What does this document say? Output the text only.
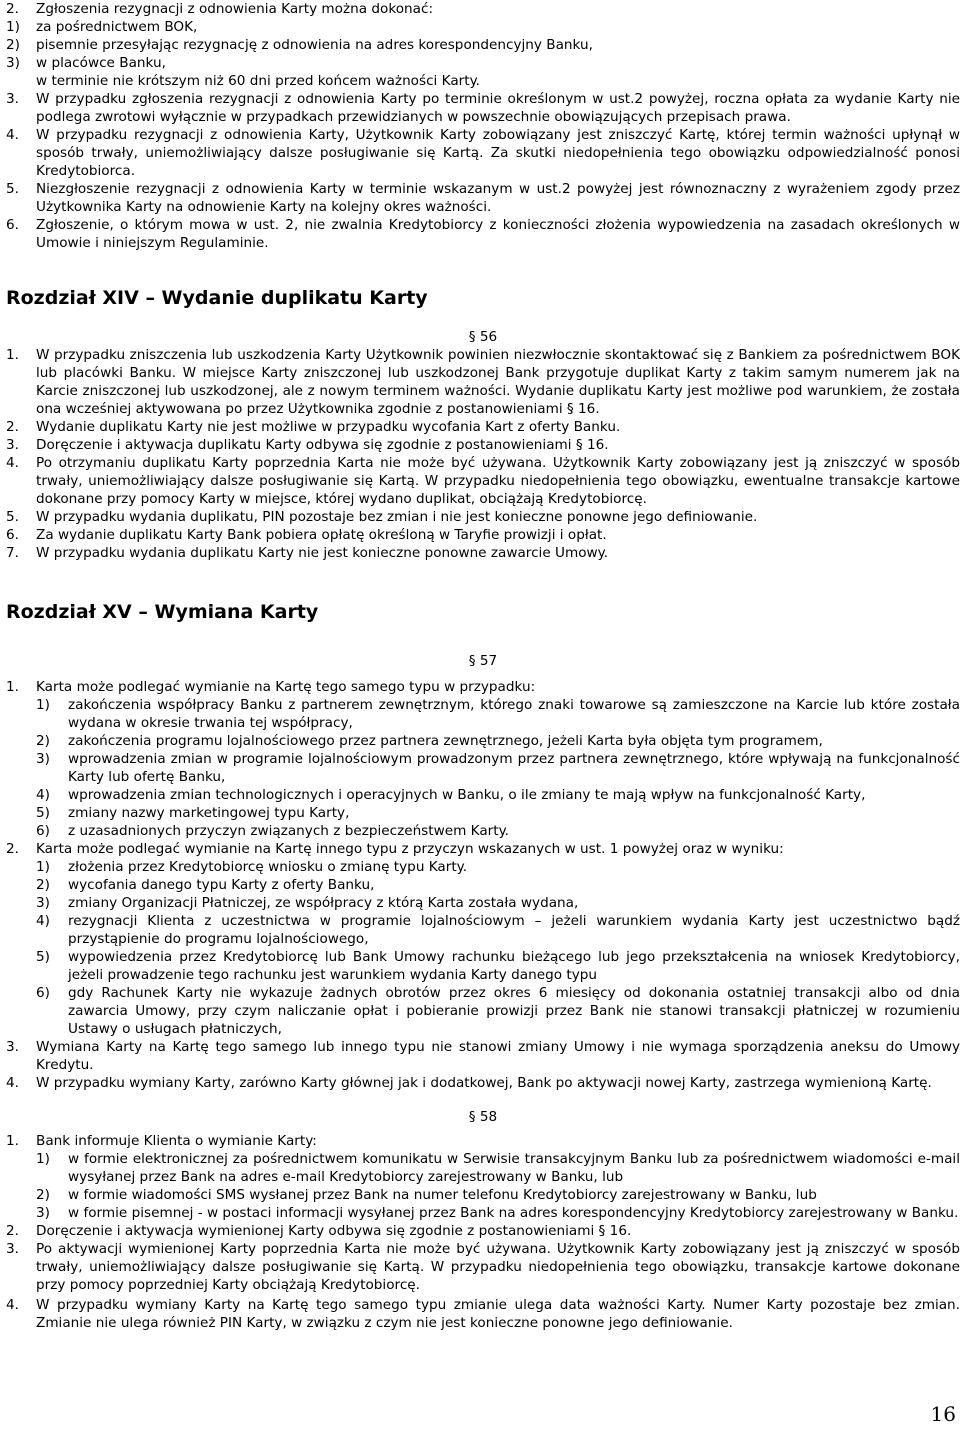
2. Zgłoszenia rezygnacji z odnowienia Karty można dokonać:
1) za pośrednictwem BOK,
2) pisemnie przesyłając rezygnację z odnowienia na adres korespondencyjny Banku,
3) w placówce Banku,
w terminie nie krótszym niż 60 dni przed końcem ważności Karty.
3. W przypadku zgłoszenia rezygnacji z odnowienia Karty po terminie określonym w ust.2 powyżej, roczna opłata za wydanie Karty nie podlega zwrotowi wyłącznie w przypadkach przewidzianych w powszechnie obowiązujących przepisach prawa.
4. W przypadku rezygnacji z odnowienia Karty, Użytkownik Karty zobowiązany jest zniszczyć Kartę, której termin ważności upłynął w sposób trwały, uniemożliwiający dalsze posługiwanie się Kartą. Za skutki niedopełnienia tego obowiązku odpowiedzialność ponosi Kredytobiorca.
5. Niezgłoszenie rezygnacji z odnowienia Karty w terminie wskazanym w ust.2 powyżej jest równoznaczny z wyrażeniem zgody przez Użytkownika Karty na odnowienie Karty na kolejny okres ważności.
6. Zgłoszenie, o którym mowa w ust. 2, nie zwalnia Kredytobiorcy z konieczności złożenia wypowiedzenia na zasadach określonych w Umowie i niniejszym Regulaminie.
Rozdział XIV – Wydanie duplikatu Karty
§ 56
1. W przypadku zniszczenia lub uszkodzenia Karty Użytkownik powinien niezwłocznie skontaktować się z Bankiem za pośrednictwem BOK lub placówki Banku. W miejsce Karty zniszczonej lub uszkodzonej Bank przygotuje duplikat Karty z takim samym numerem jak na Karcie zniszczonej lub uszkodzonej, ale z nowym terminem ważności. Wydanie duplikatu Karty jest możliwe pod warunkiem, że została ona wcześniej aktywowana po przez Użytkownika zgodnie z postanowieniami § 16.
2. Wydanie duplikatu Karty nie jest możliwe w przypadku wycofania Kart z oferty Banku.
3. Doręczenie i aktywacja duplikatu Karty odbywa się zgodnie z postanowieniami § 16.
4. Po otrzymaniu duplikatu Karty poprzednia Karta nie może być używana. Użytkownik Karty zobowiązany jest ją zniszczyć w sposób trwały, uniemożliwiający dalsze posługiwanie się Kartą. W przypadku niedopełnienia tego obowiązku, ewentualne transakcje kartowe dokonane przy pomocy Karty w miejsce, której wydano duplikat, obciążają Kredytobiorcę.
5. W przypadku wydania duplikatu, PIN pozostaje bez zmian i nie jest konieczne ponowne jego definiowanie.
6. Za wydanie duplikatu Karty Bank pobiera opłatę określoną w Taryfie prowizji i opłat.
7. W przypadku wydania duplikatu Karty nie jest konieczne ponowne zawarcie Umowy.
Rozdział XV – Wymiana Karty
§ 57
1. Karta może podlegać wymianie na Kartę tego samego typu w przypadku:
1) zakończenia współpracy Banku z partnerem zewnętrznym, którego znaki towarowe są zamieszczone na Karcie lub które została wydana w okresie trwania tej współpracy,
2) zakończenia programu lojalnościowego przez partnera zewnętrznego, jeżeli Karta była objęta tym programem,
3) wprowadzenia zmian w programie lojalnościowym prowadzonym przez partnera zewnętrznego, które wpływają na funkcjonalność Karty lub ofertę Banku,
4) wprowadzenia zmian technologicznych i operacyjnych w Banku, o ile zmiany te mają wpływ na funkcjonalność Karty,
5) zmiany nazwy marketingowej typu Karty,
6) z uzasadnionych przyczyn związanych z bezpieczeństwem Karty.
2. Karta może podlegać wymianie na Kartę innego typu z przyczyn wskazanych w ust. 1 powyżej oraz w wyniku:
1) złożenia przez Kredytobiorcę wniosku o zmianę typu Karty.
2) wycofania danego typu Karty z oferty Banku,
3) zmiany Organizacji Płatniczej, ze współpracy z którą Karta została wydana,
4) rezygnacji Klienta z uczestnictwa w programie lojalnościowym – jeżeli warunkiem wydania Karty jest uczestnictwo bądź przystąpienie do programu lojalnościowego,
5) wypowiedzenia przez Kredytobiorcę lub Bank Umowy rachunku bieżącego lub jego przekształcenia na wniosek Kredytobiorcy, jeżeli prowadzenie tego rachunku jest warunkiem wydania Karty danego typu
6) gdy Rachunek Karty nie wykazuje żadnych obrotów przez okres 6 miesięcy od dokonania ostatniej transakcji albo od dnia zawarcia Umowy, przy czym naliczanie opłat i pobieranie prowizji przez Bank nie stanowi transakcji płatniczej w rozumieniu Ustawy o usługach płatniczych,
3. Wymiana Karty na Kartę tego samego lub innego typu nie stanowi zmiany Umowy i nie wymaga sporządzenia aneksu do Umowy Kredytu.
4. W przypadku wymiany Karty, zarówno Karty głównej jak i dodatkowej, Bank po aktywacji nowej Karty, zastrzega wymienioną Kartę.
§ 58
1. Bank informuje Klienta o wymianie Karty:
1) w formie elektronicznej za pośrednictwem komunikatu w Serwisie transakcyjnym Banku lub za pośrednictwem wiadomości e-mail wysyłanej przez Bank na adres e-mail Kredytobiorcy zarejestrowany w Banku, lub
2) w formie wiadomości SMS wysłanej przez Bank na numer telefonu Kredytobiorcy zarejestrowany w Banku, lub
3) w formie pisemnej - w postaci informacji wysyłanej przez Bank na adres korespondencyjny Kredytobiorcy zarejestrowany w Banku.
2. Doręczenie i aktywacja wymienionej Karty odbywa się zgodnie z postanowieniami § 16.
3. Po aktywacji wymienionej Karty poprzednia Karta nie może być używana. Użytkownik Karty zobowiązany jest ją zniszczyć w sposób trwały, uniemożliwiający dalsze posługiwanie się Kartą. W przypadku niedopełnienia tego obowiązku, transakcje kartowe dokonane przy pomocy poprzedniej Karty obciążają Kredytobiorcę.
4. W przypadku wymiany Karty na Kartę tego samego typu zmianie ulega data ważności Karty. Numer Karty pozostaje bez zmian. Zmianie nie ulega również PIN Karty, w związku z czym nie jest konieczne ponowne jego definiowanie.
16
